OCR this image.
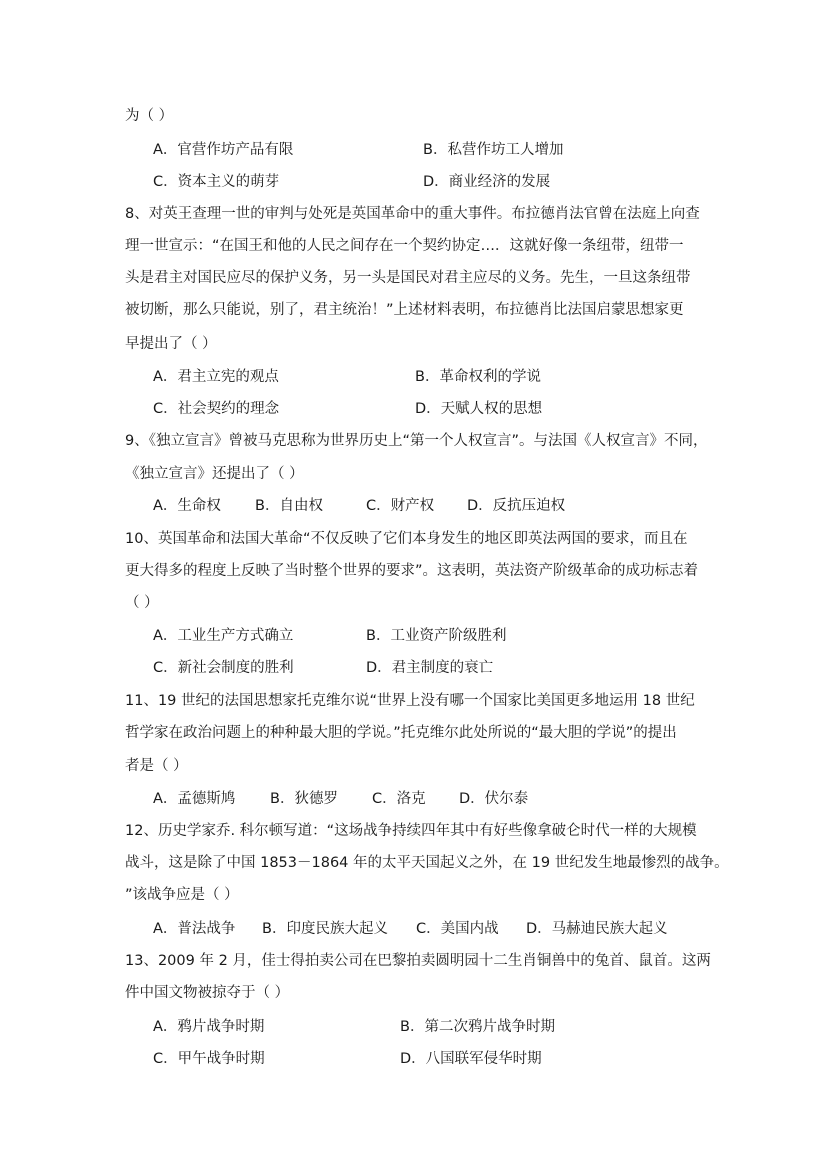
为（ ）
A．官营作坊产品有限	B．私营作坊工人增加
C．资本主义的萌芽	D．商业经济的发展
8、对英王查理一世的审判与处死是英国革命中的重大事件。布拉德肖法官曾在法庭上向查
理一世宣示：“在国王和他的人民之间存在一个契约协定…．这就好像一条纽带，纽带一
头是君主对国民应尽的保护义务，另一头是国民对君主应尽的义务。先生，一旦这条纽带
被切断，那么只能说，别了，君主统治！”上述材料表明，布拉德肖比法国启蒙思想家更
早提出了（ ）
A．君主立宪的观点	B．革命权利的学说
C．社会契约的理念	D．天赋人权的思想
9、《独立宣言》曾被马克思称为世界历史上“第一个人权宣言”。与法国《人权宣言》不同，
《独立宣言》还提出了（ ）
A．生命权 B．自由权	C．财产权 D．反抗压迫权
10、英国革命和法国大革命“不仅反映了它们本身发生的地区即英法两国的要求，而且在
更大得多的程度上反映了当时整个世界的要求”。这表明，英法资产阶级革命的成功标志着
（ ）
A．工业生产方式确立	B．工业资产阶级胜利
C．新社会制度的胜利	D．君主制度的衰亡
11、19 世纪的法国思想家托克维尔说“世界上没有哪一个国家比美国更多地运用 18 世纪
哲学家在政治问题上的种种最大胆的学说。”托克维尔此处所说的“最大胆的学说”的提出
者是（ ）
A．孟德斯鸠 B．狄德罗 C．洛克 D．伏尔泰
12、历史学家乔. 科尔顿写道：“这场战争持续四年其中有好些像拿破仑时代一样的大规模
战斗，这是除了中国 1853－1864 年的太平天国起义之外，在 19 世纪发生地最惨烈的战争。
”该战争应是（ ）
A．普法战争 B．印度民族大起义 C．美国内战 D．马赫迪民族大起义
13、2009 年 2 月，佳士得拍卖公司在巴黎拍卖圆明园十二生肖铜兽中的兔首、鼠首。这两
件中国文物被掠夺于（ ）
A．鸦片战争时期	B．第二次鸦片战争时期
C．甲午战争时期	D．八国联军侵华时期
